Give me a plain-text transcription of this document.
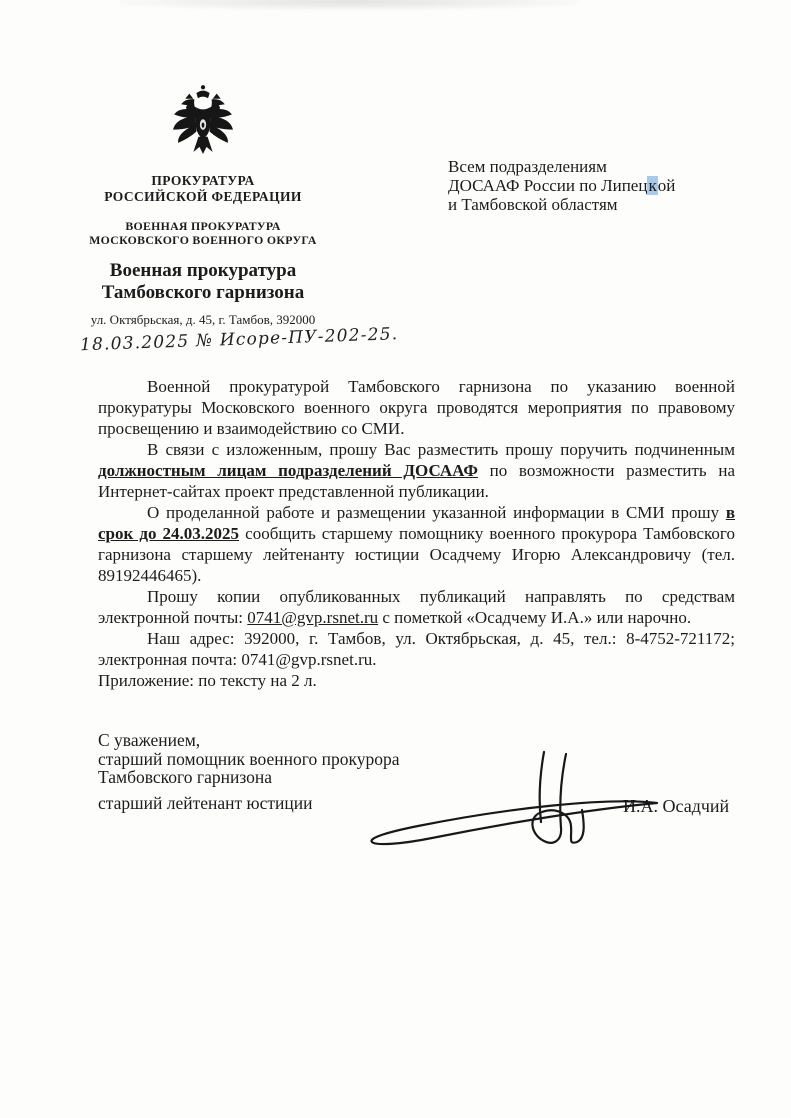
ПРОКУРАТУРА
РОССИЙСКОЙ ФЕДЕРАЦИИ
ВОЕННАЯ ПРОКУРАТУРА
МОСКОВСКОГО ВОЕННОГО ОКРУГА
Военная прокуратура
Тамбовского гарнизона
ул. Октябрьская, д. 45, г. Тамбов, 392000
18.03.2025 № Исоре-ПУ-202-25.
Всем подразделениям
ДОСААФ России по Липецкой
и Тамбовской областям

Военной прокуратурой Тамбовского гарнизона по указанию военной прокуратуры Московского военного округа проводятся мероприятия по правовому просвещению и взаимодействию со СМИ.

В связи с изложенным, прошу Вас разместить прошу поручить подчиненным должностным лицам подразделений ДОСААФ по возможности разместить на Интернет-сайтах проект представленной публикации.

О проделанной работе и размещении указанной информации в СМИ прошу в срок до 24.03.2025 сообщить старшему помощнику военного прокурора Тамбовского гарнизона старшему лейтенанту юстиции Осадчему Игорю Александровичу (тел. 89192446465).

Прошу копии опубликованных публикаций направлять по средствам электронной почты: 0741@gvp.rsnet.ru с пометкой «Осадчему И.А.» или нарочно.

Наш адрес: 392000, г. Тамбов, ул. Октябрьская, д. 45, тел.: 8-4752-721172; электронная почта: 0741@gvp.rsnet.ru.

Приложение: по тексту на 2 л.

С уважением,
старший помощник военного прокурора
Тамбовского гарнизона
старший лейтенант юстиции	И.А. Осадчий
